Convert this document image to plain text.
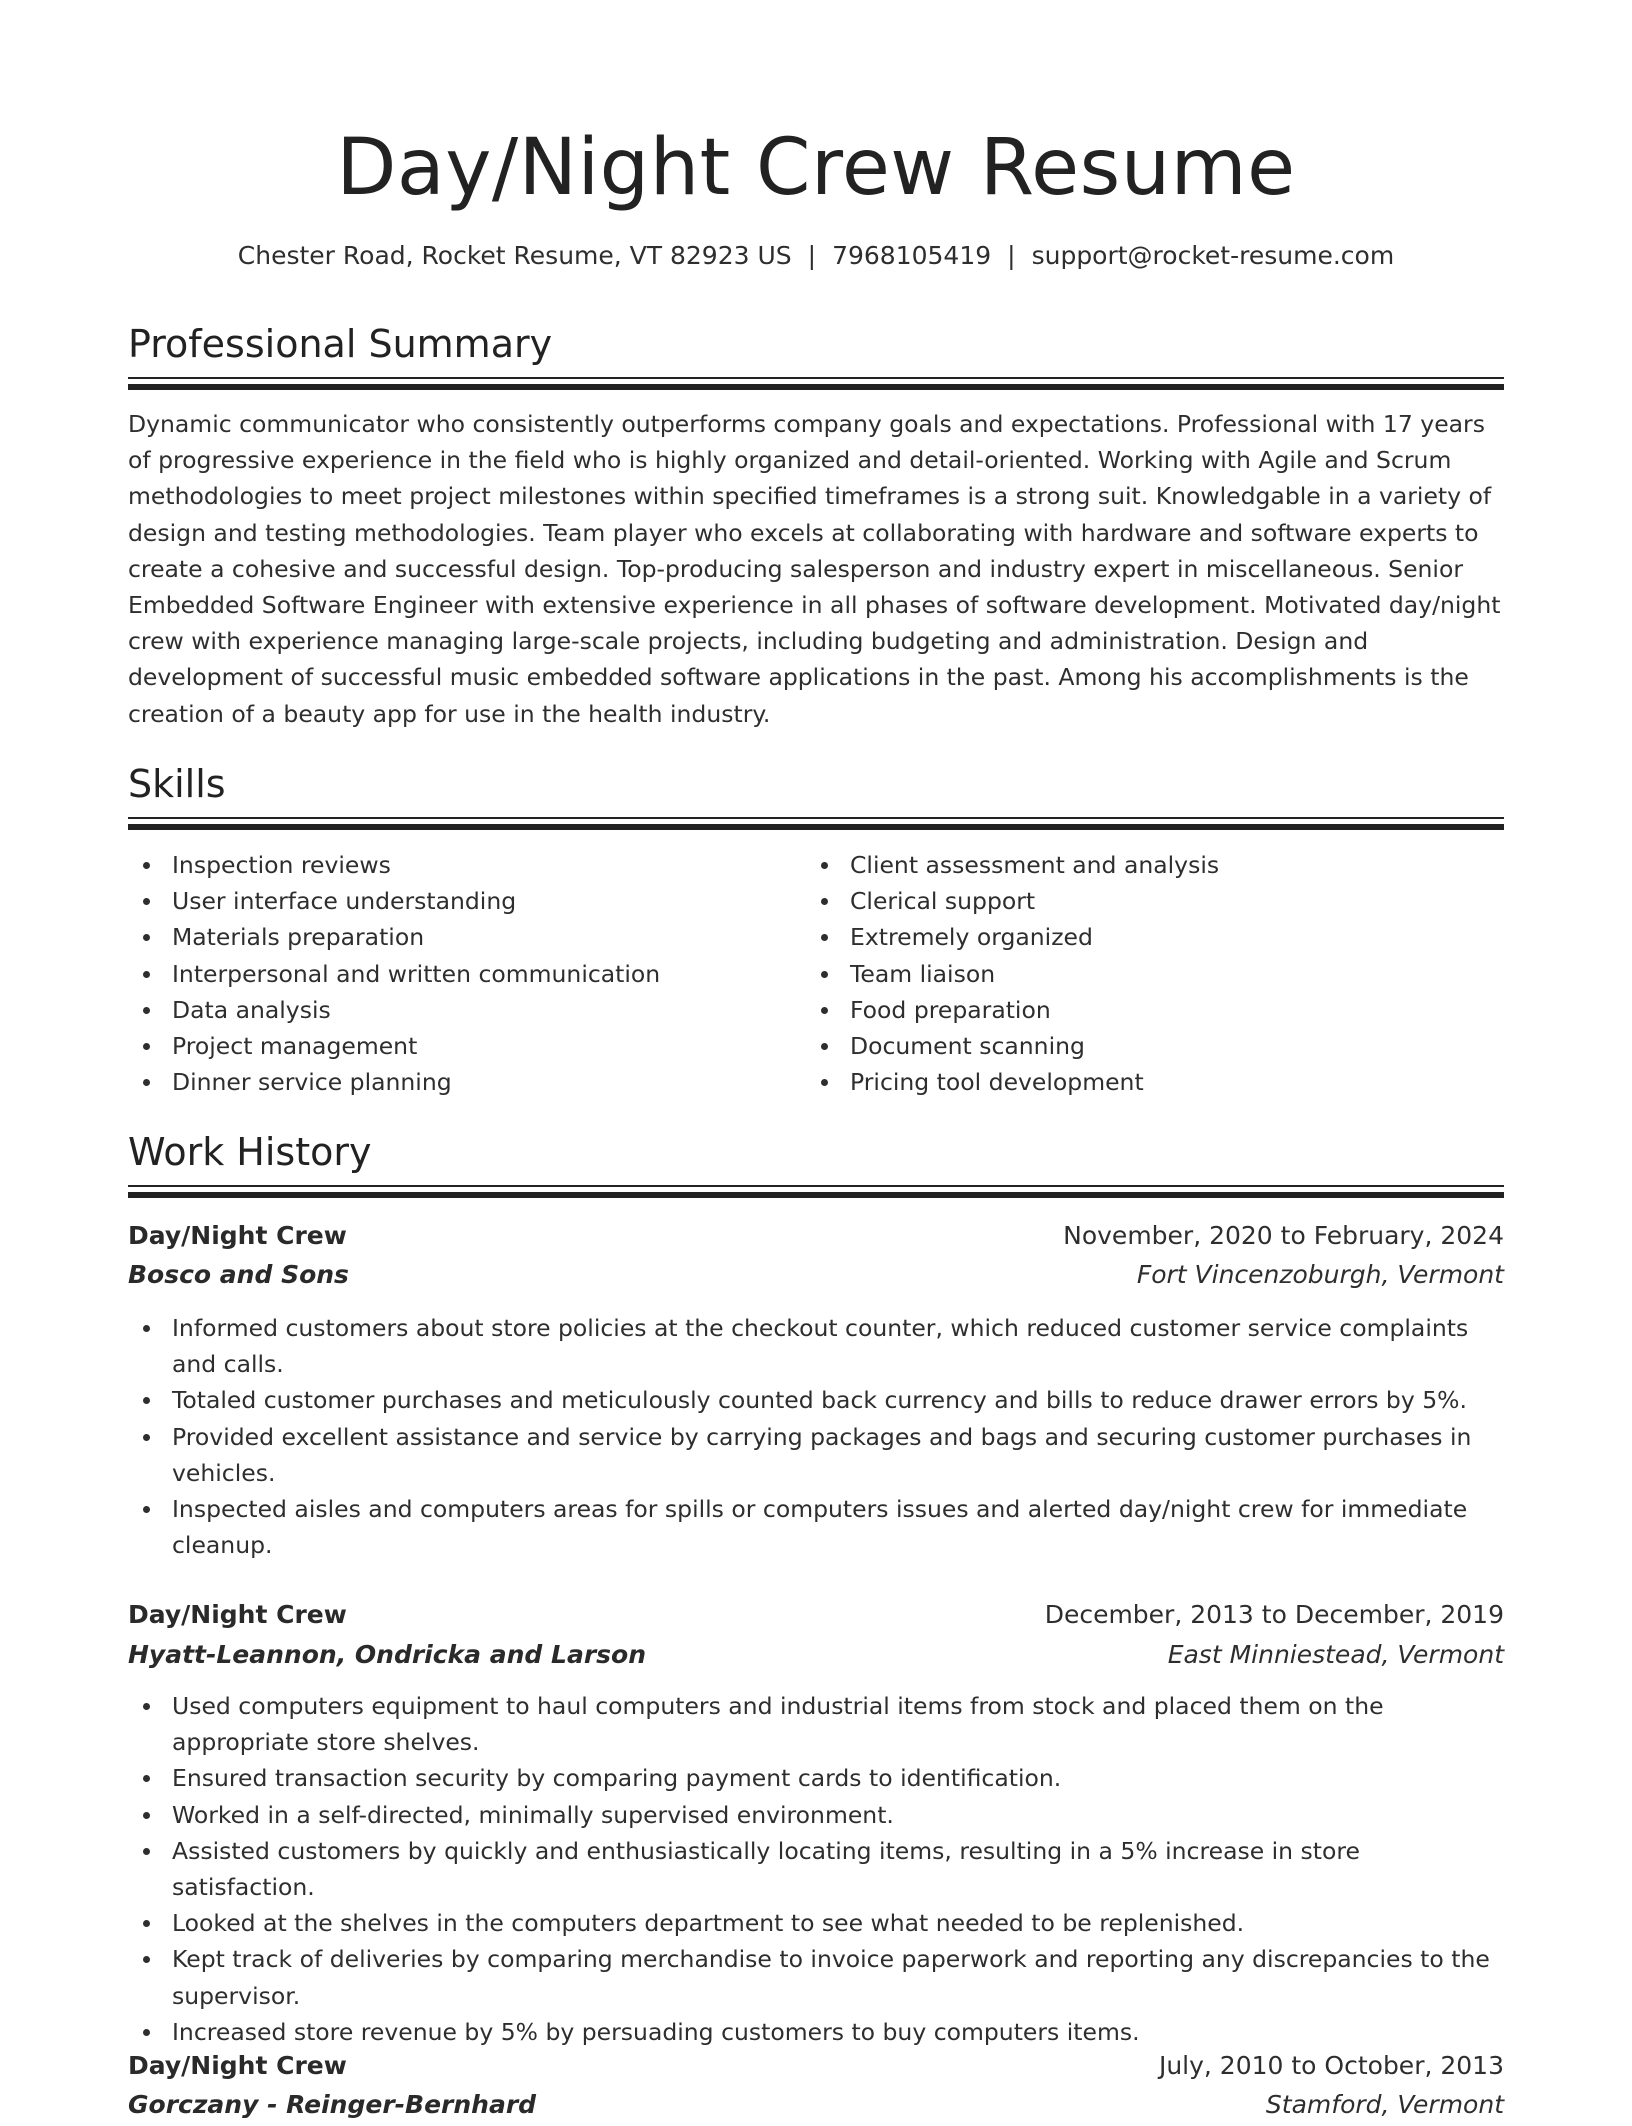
Day/Night Crew Resume
Chester Road, Rocket Resume, VT 82923 US | 7968105419 | support@rocket-resume.com
Professional Summary

Dynamic communicator who consistently outperforms company goals and expectations. Professional with 17 years of progressive experience in the field who is highly organized and detail-oriented. Working with Agile and Scrum methodologies to meet project milestones within specified timeframes is a strong suit. Knowledgable in a variety of design and testing methodologies. Team player who excels at collaborating with hardware and software experts to create a cohesive and successful design. Top-producing salesperson and industry expert in miscellaneous. Senior Embedded Software Engineer with extensive experience in all phases of software development. Motivated day/night crew with experience managing large-scale projects, including budgeting and administration. Design and development of successful music embedded software applications in the past. Among his accomplishments is the creation of a beauty app for use in the health industry.

Skills
Inspection reviews
User interface understanding
Materials preparation
Interpersonal and written communication
Data analysis
Project management
Dinner service planning
Client assessment and analysis
Clerical support
Extremely organized
Team liaison
Food preparation
Document scanning
Pricing tool development
Work History
Day/Night Crew	November, 2020 to February, 2024
Bosco and Sons	Fort Vincenzoburgh, Vermont
Informed customers about store policies at the checkout counter, which reduced customer service complaints and calls.
Totaled customer purchases and meticulously counted back currency and bills to reduce drawer errors by 5%.
Provided excellent assistance and service by carrying packages and bags and securing customer purchases in vehicles.
Inspected aisles and computers areas for spills or computers issues and alerted day/night crew for immediate cleanup.
Day/Night Crew	December, 2013 to December, 2019
Hyatt-Leannon, Ondricka and Larson	East Minniestead, Vermont
Used computers equipment to haul computers and industrial items from stock and placed them on the appropriate store shelves.
Ensured transaction security by comparing payment cards to identification.
Worked in a self-directed, minimally supervised environment.
Assisted customers by quickly and enthusiastically locating items, resulting in a 5% increase in store satisfaction.
Looked at the shelves in the computers department to see what needed to be replenished.
Kept track of deliveries by comparing merchandise to invoice paperwork and reporting any discrepancies to the supervisor.
Increased store revenue by 5% by persuading customers to buy computers items.
Day/Night Crew	July, 2010 to October, 2013
Gorczany - Reinger-Bernhard	Stamford, Vermont
